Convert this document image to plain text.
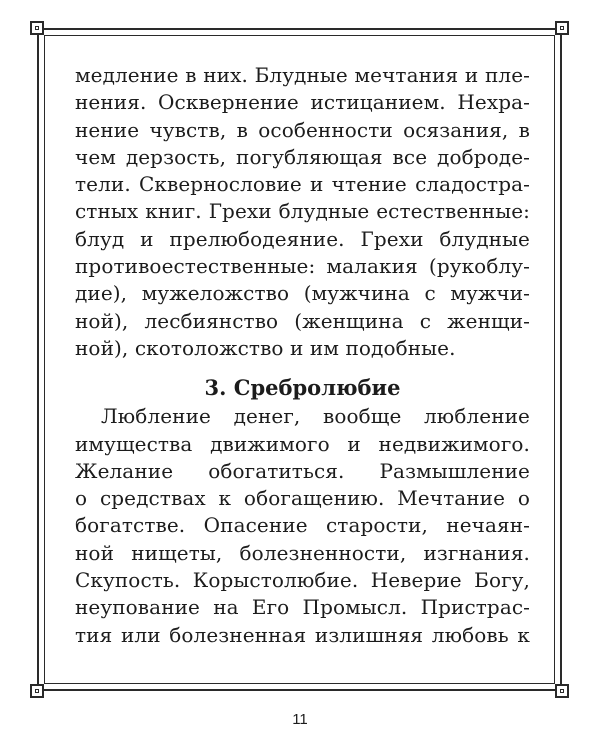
медление в них. Блудные мечтания и пле-
нения. Осквернение истицанием. Нехра-
нение чувств, в особенности осязания, в
чем дерзость, погубляющая все доброде-
тели. Сквернословие и чтение сладостра-
стных книг. Грехи блудные естественные:
блуд и прелюбодеяние. Грехи блудные
противоестественные: малакия (рукоблу-
дие), мужеложство (мужчина с мужчи-
ной), лесбиянство (женщина с женщи-
ной), скотоложство и им подобные.
3. Сребролюбие
Любление денег, вообще любление
имущества движимого и недвижимого.
Желание обогатиться. Размышление
о средствах к обогащению. Мечтание о
богатстве. Опасение старости, нечаян-
ной нищеты, болезненности, изгнания.
Скупость. Корыстолюбие. Неверие Богу,
неупование на Его Промысл. Пристрас-
тия или болезненная излишняя любовь к
11
